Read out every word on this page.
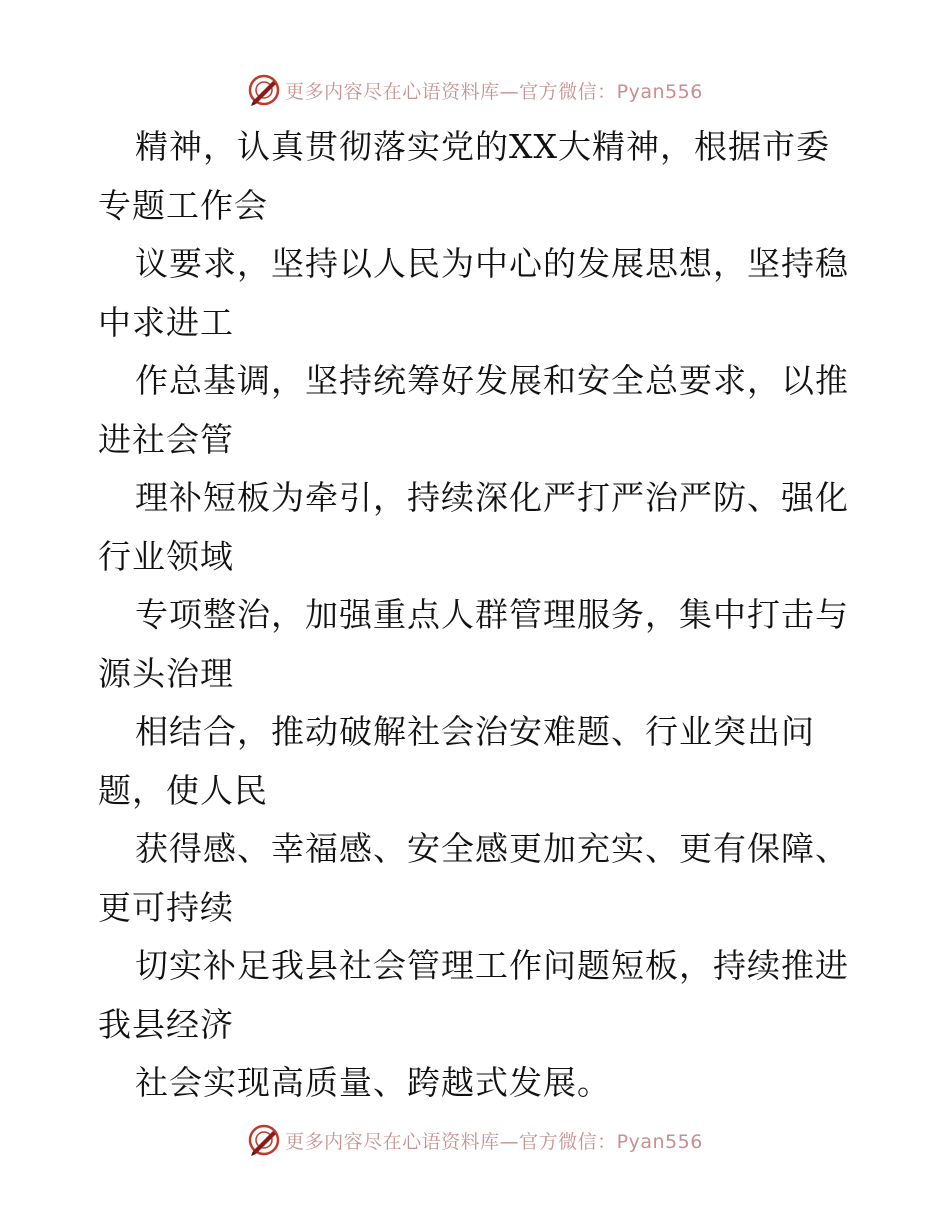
更多内容尽在心语资料库—官方微信：Pyan556
精神，认真贯彻落实党的XX大精神，根据市委
专题工作会
议要求，坚持以人民为中心的发展思想，坚持稳
中求进工
作总基调，坚持统筹好发展和安全总要求，以推
进社会管
理补短板为牵引，持续深化严打严治严防、强化
行业领域
专项整治，加强重点人群管理服务，集中打击与
源头治理
相结合，推动破解社会治安难题、行业突出问
题，使人民
获得感、幸福感、安全感更加充实、更有保障、
更可持续
切实补足我县社会管理工作问题短板，持续推进
我县经济
社会实现高质量、跨越式发展。
更多内容尽在心语资料库—官方微信：Pyan556
